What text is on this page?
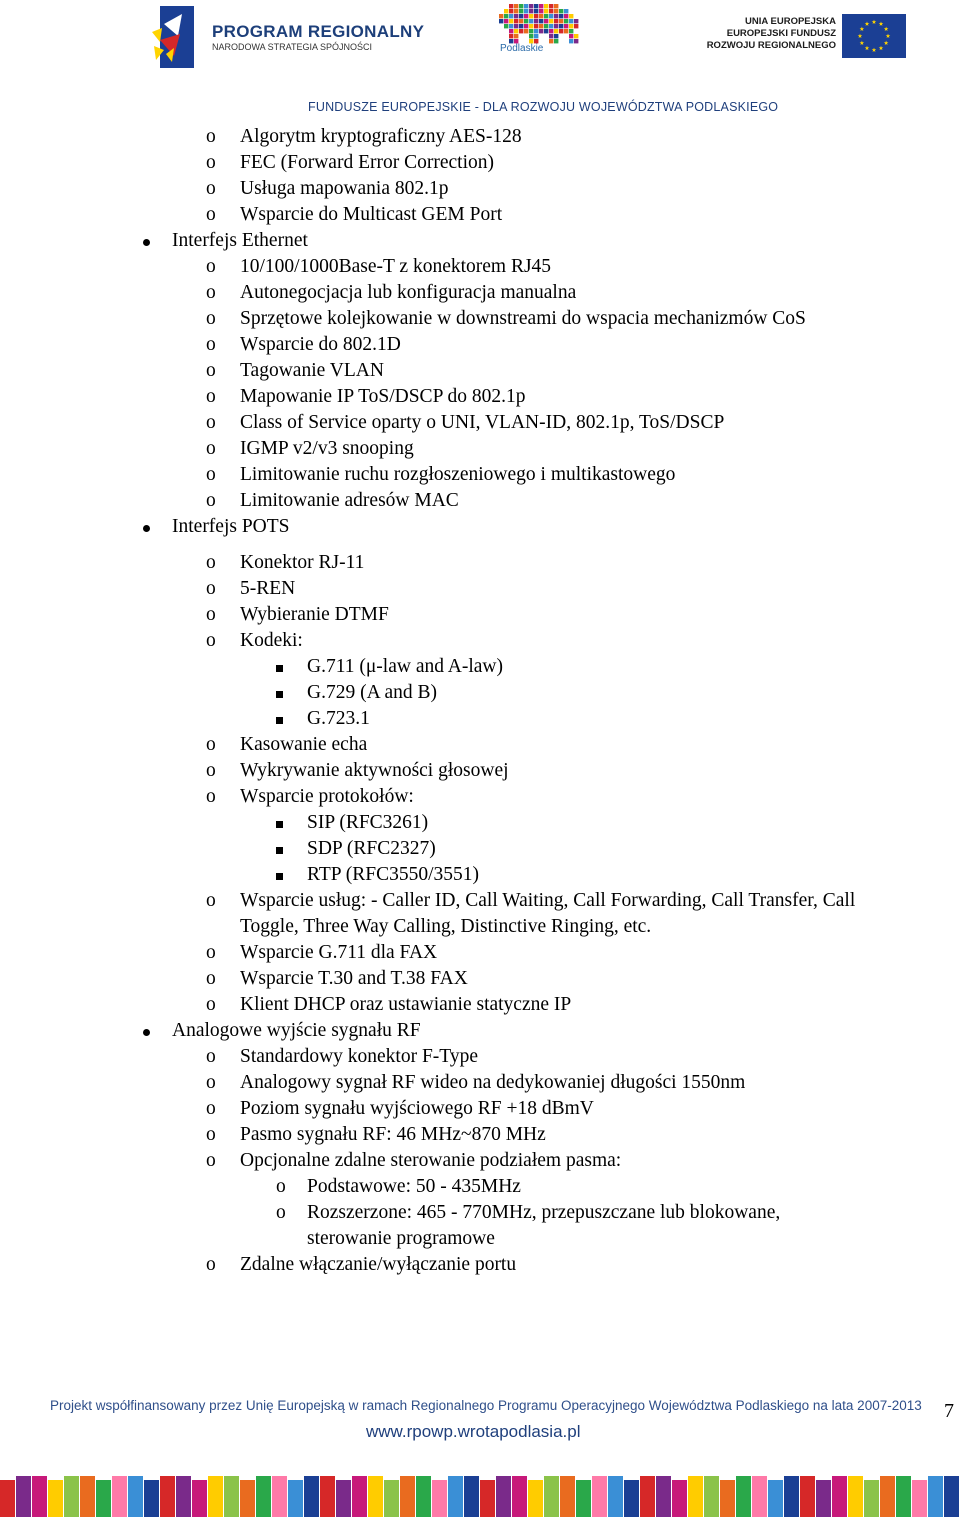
PROGRAM REGIONALNY
NARODOWA STRATEGIA SPÓJNOŚCI	Podlaskie
UNIA EUROPEJSKA
EUROPEJSKI FUNDUSZ
ROZWOJU REGIONALNEGO
FUNDUSZE EUROPEJSKIE - DLA ROZWOJU WOJEWÓDZTWA PODLASKIEGO
o Algorytm kryptograficzny AES-128
o FEC (Forward Error Correction)
o Usługa mapowania 802.1p
o Wsparcie do Multicast GEM Port
Interfejs Ethernet
o 10/100/1000Base-T z konektorem RJ45
o Autonegocjacja lub konfiguracja manualna
o Sprzętowe kolejkowanie w downstreami do wspacia mechanizmów CoS
o Wsparcie do 802.1D
o Tagowanie VLAN
o Mapowanie IP ToS/DSCP do 802.1p
o Class of Service oparty o UNI, VLAN-ID, 802.1p, ToS/DSCP
o IGMP v2/v3 snooping
o Limitowanie ruchu rozgłoszeniowego i multikastowego
o Limitowanie adresów MAC
Interfejs POTS
o Konektor RJ-11
o 5-REN
o Wybieranie DTMF
o Kodeki:
G.711 (μ-law and A-law)
G.729 (A and B)
G.723.1
o Kasowanie echa
o Wykrywanie aktywności głosowej
o Wsparcie protokołów:
SIP (RFC3261)
SDP (RFC2327)
RTP (RFC3550/3551)
o Wsparcie usług: - Caller ID, Call Waiting, Call Forwarding, Call Transfer, Call
Toggle, Three Way Calling, Distinctive Ringing, etc.
o Wsparcie G.711 dla FAX
o Wsparcie T.30 and T.38 FAX
o Klient DHCP oraz ustawianie statyczne IP
Analogowe wyjście sygnału RF
o Standardowy konektor F-Type
o Analogowy sygnał RF wideo na dedykowaniej długości 1550nm
o Poziom sygnału wyjściowego RF +18 dBmV
o Pasmo sygnału RF: 46 MHz~870 MHz
o Opcjonalne zdalne sterowanie podziałem pasma:
o Podstawowe: 50 - 435MHz
o Rozszerzone: 465 - 770MHz, przepuszczane lub blokowane,
sterowanie programowe
o Zdalne włączanie/wyłączanie portu
Projekt współfinansowany przez Unię Europejską w ramach Regionalnego Programu Operacyjnego Województwa Podlaskiego na lata 2007-2013
www.rpowp.wrotapodlasia.pl
7
